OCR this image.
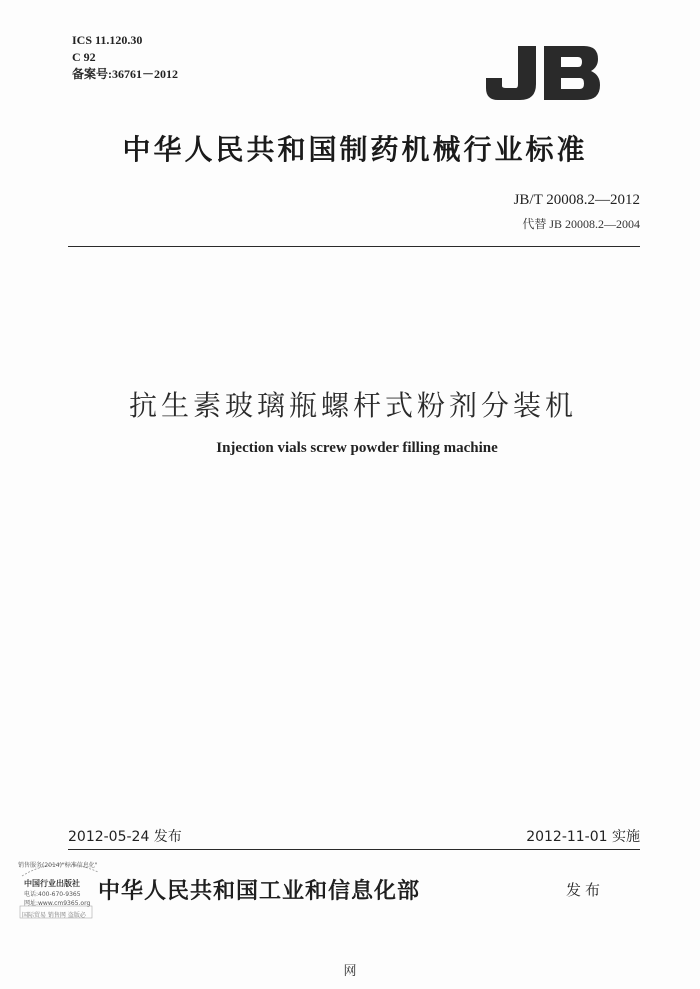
ICS 11.120.30
C 92
备案号:36761－2012
中华人民共和国制药机械行业标准
JB/T 20008.2—2012
代替 JB 20008.2—2004
抗生素玻璃瓶螺杆式粉剂分装机
Injection vials screw powder filling machine
2012-05-24 发布	2012-11-01 实施
销售服务(2014)"标准信息化"
中国行业出版社
电话:400-670-9365
网址:www.cm9365.org
国际贸易 销售网 盗版必
中华人民共和国工业和信息化部	发布
网
